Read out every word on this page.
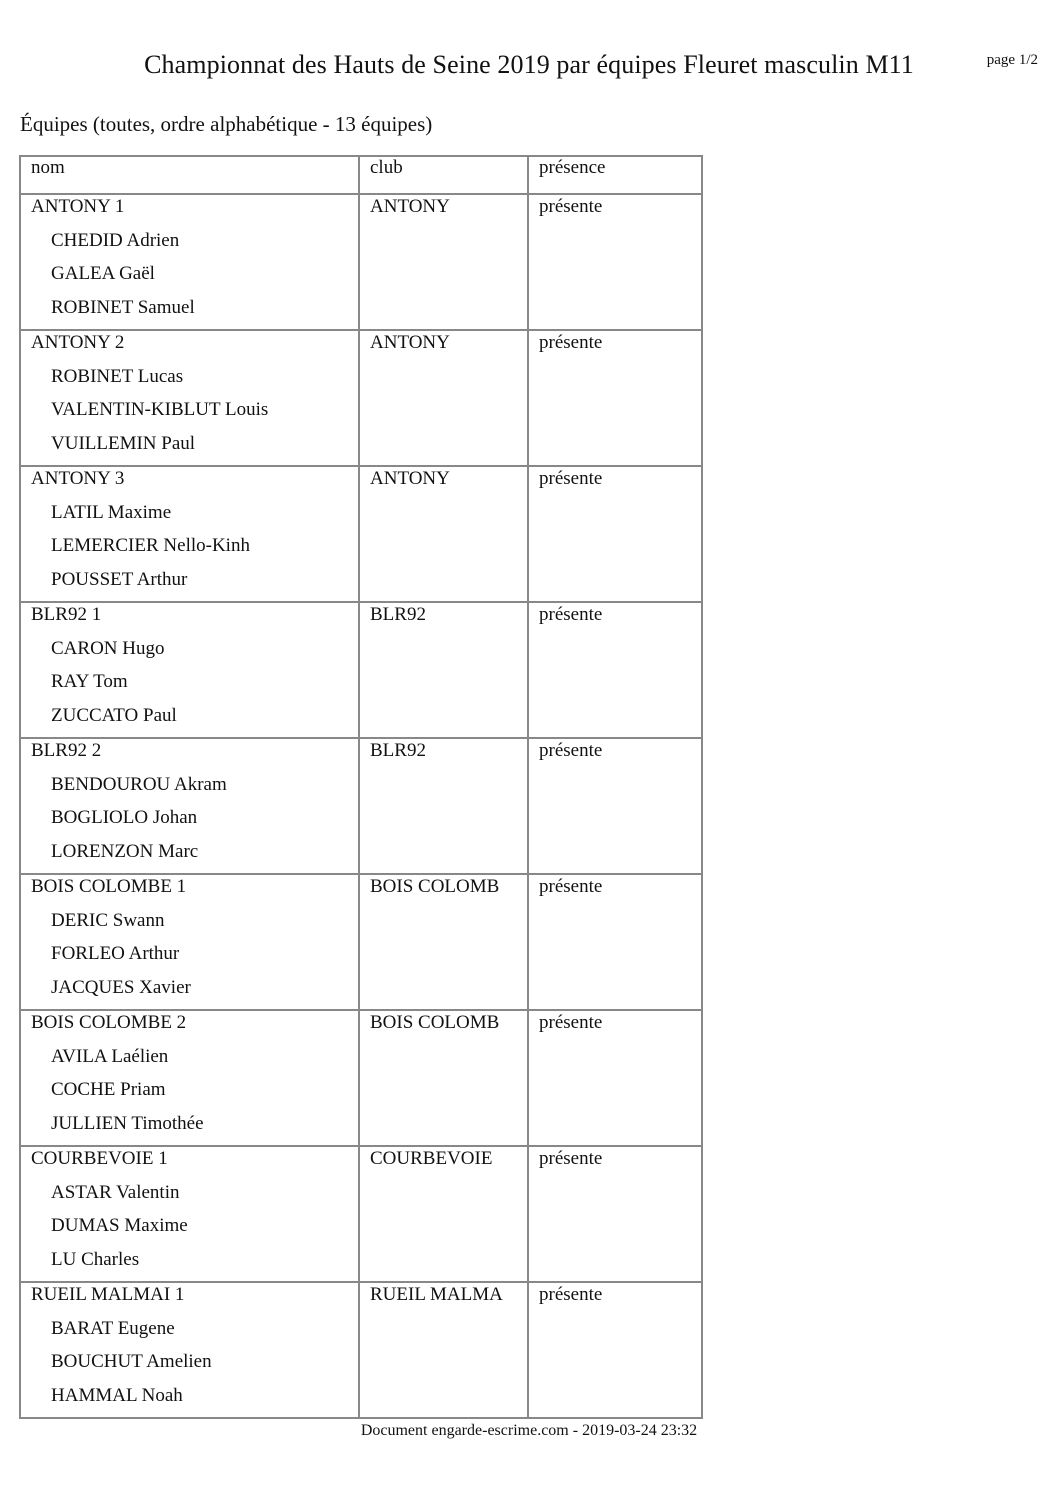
Championnat des Hauts de Seine 2019 par équipes Fleuret masculin M11	page 1/2
Équipes (toutes, ordre alphabétique - 13 équipes)
nom	club	présence

ANTONY 1
CHEDID Adrien
GALEA Gaël
ROBINET Samuel	ANTONY	présente

ANTONY 2
ROBINET Lucas
VALENTIN-KIBLUT Louis
VUILLEMIN Paul	ANTONY	présente

ANTONY 3
LATIL Maxime
LEMERCIER Nello-Kinh
POUSSET Arthur	ANTONY	présente

BLR92 1
CARON Hugo
RAY Tom
ZUCCATO Paul	BLR92	présente

BLR92 2
BENDOUROU Akram
BOGLIOLO Johan
LORENZON Marc	BLR92	présente

BOIS COLOMBE 1
DERIC Swann
FORLEO Arthur
JACQUES Xavier	BOIS COLOMB	présente

BOIS COLOMBE 2
AVILA Laélien
COCHE Priam
JULLIEN Timothée	BOIS COLOMB	présente

COURBEVOIE 1
ASTAR Valentin
DUMAS Maxime
LU Charles	COURBEVOIE	présente

RUEIL MALMAI 1
BARAT Eugene
BOUCHUT Amelien
HAMMAL Noah	RUEIL MALMA	présente
Document engarde-escrime.com - 2019-03-24 23:32
